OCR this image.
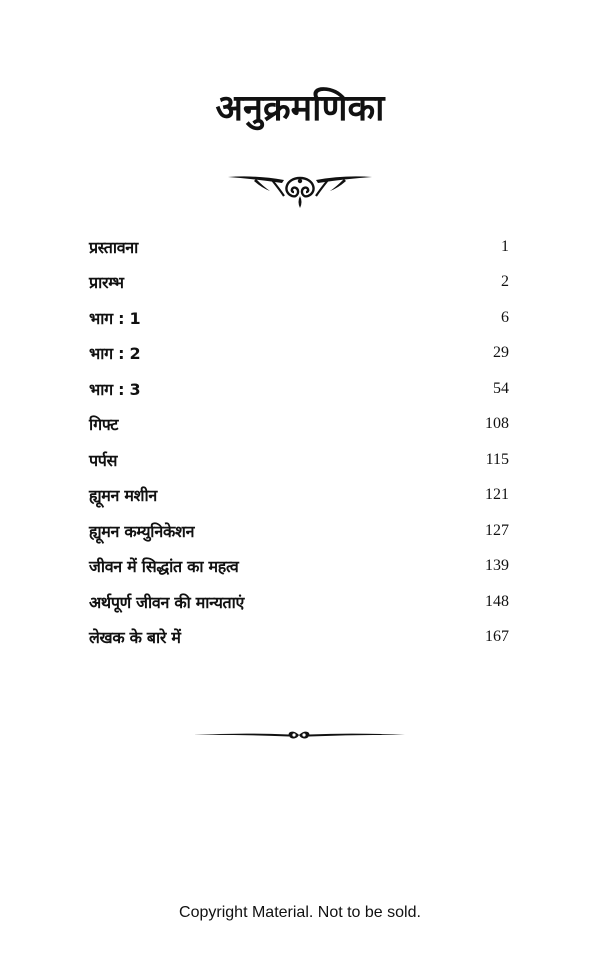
अनुक्रमणिका
प्रस्तावना	1
प्रारम्भ	2
भाग : 1	6
भाग : 2	29
भाग : 3	54
गिफ्ट	108
पर्पस	115
ह्यूमन मशीन	121
ह्यूमन कम्युनिकेशन	127
जीवन में सिद्धांत का महत्व	139
अर्थपूर्ण जीवन की मान्यताएं	148
लेखक के बारे में	167

Copyright Material. Not to be sold.
